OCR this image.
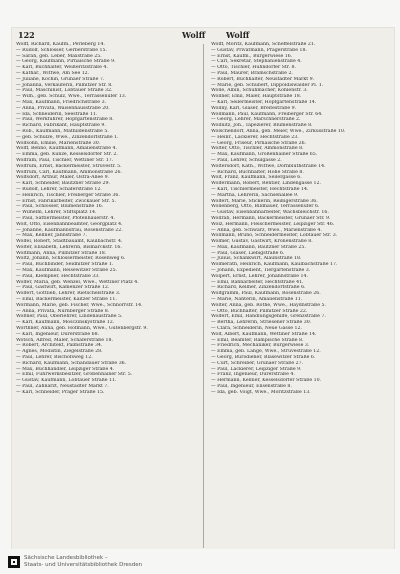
122	Wolff	Wolff
Wolff, Richard, Kaufm., Perleberg 14.
— Rudolf, Schlosser, Gerberstraße 15.
— Sarah, geb. Leber, Maxstraße 25.
— Georg, Kaufmann, Pirnaische Straße 9.
— Karl, Buchhalter, Weißeritzstraße 4.
— Kathar., Wittwe, Am See 12.
— Juliane, Köchin, Grunaer Straße 7.
— Johanna, Verkäuferin, Pillnitzer Str. 8.
— Paul, Maschinist, Löbtauer Straße 32.
— Wilh., geb. Schulz, Wwe., Terrassenufer 13.
— Max, Kaufmann, Friedrichstraße 3.
— Anna, Privata, Waisenhausstraße 20.
— Ida, Schneiderin, Seestraße 11.
— Paul, Werkführer, Hopfgartenstraße 8.
— Richard, Fabrikant, Hauptstraße 9.
— Rob., Kaufmann, Mathildenstraße 5.
— geb. Schulze, Wwe., Zinzendorfstraße 1.
Wolfsohn, Emilie, Marienstraße 30.
Wolff, Benno, Kaufmann, Amalienstraße 4.
— Emma, geb. Kunze, Kesselsdorfer Str. 2.
Wolfram, Paul, Tischler, Wettiner Str. 17.
Wolfrum, Ernst, Bäckermeister, Struvestr. 5.
Wolfrum, Carl, Kaufmann, Ammonstraße 26.
Wolfsdorf, Arthur, Maler, Ostra-Allee 9.
— Karl, Schneider, Bautzner Straße 29.
— Rudolf, Lehrer, Schäferstraße 12.
— Heinrich, Tischler, Freiberger Straße 36.
— Ernst, Fabrikarbeiter, Zwickauer Str. 5.
— Paul, Schlosser, Blumenstraße 16.
— Wilhelm, Lehrer, Stiftsplatz 14.
— Paul, Sattlermeister, Pfotenhauerstr. 4.
Wolt, Otto, Eisenbahnbeamter, Georgplatz 4.
— Johanne, Kaufmannsfrau, Rosenstraße 22.
— Max, Kellner, Jahnstraße 7.
Wölfel, Robert, Stadtbauamt, Kaulbachstr. 4.
Wolter, Elisabeth, Lehrerin, Bismarckstr. 16.
Woltmann, Anna, Pillnitzer Straße 18.
Woltz, Johann, Schlossermeister, Rosenweg 6.
— Paul, Buchbinder, Seidnitzer Straße 1.
— Max, Kaufmann, Reisewitzer Straße 25.
— Paul, Klempner, Hechtstraße 33.
Wölfer, Maria, geb. Wenzel, Wwe., Wettiner Platz 4.
— Paul, Gastwirt, Kamenzer Straße 12.
Wölfert, Gottlieb, Lehrer, Rietschelstraße 3.
— Emil, Bäckermeister, Kaitzer Straße 11.
Wörmann, Marie, geb. Fischer, Wwe., Schnorrstr. 14.
— Anna, Privata, Nürnberger Straße 8.
Wößner, Paul, Oberlehrer, Lindenaustraße 5.
— Karl, Kaufmann, Mosczinskystraße 12.
Wörthner, Anna, geb. Hofmann, Wwe., Gutenbergstr. 9.
— Karl, Ingenieur, Dürerstraße 68.
Wotsch, Alfred, Maler, Schäferstraße 18.
— Robert, Architekt, Palmstraße 34.
— Agnes, Modistin, Ziegelstraße 28.
— Paul, Lehrer, Bischofsweg 12.
— Richard, Kaufmann, Schandauer Straße 36.
— Max, Buchhändler, Leipziger Straße 4.
— Emil, Fuhrwerksbesitzer, Großenhainer Str. 5.
— Gustav, Kaufmann, Löbtauer Straße 11.
— Paul, Zahnarzt, Neustädter Markt 7.
— Karl, Schneider, Prager Straße 15.
Wolff, Moritz, Kaufmann, Scheffelstraße 21.
— Gustav, Privatmann, Pragerstraße 18.
— Ernst, Kaufm., Bürgerwiese 16.
— Carl, Sekretär, Stephanienstraße 4.
— Otto, Tischler, Hühndorfer Str. 8.
— Paul, Maurer, Bramschstraße 2.
— Robert, Buchhalter, Neustädter Markt 9.
— Marie, geb. Schubert, Dippoldiswalder Pl. 1.
Wolle, Albin, Schuhmacher, Kohlenstr. 3.
Wollner, Emil, Maler, Hauptstraße 18.
— Karl, Seilermeister, Hopfgartenstraße 14.
Wollny, Karl, Glaser, Breitestraße 9.
Wollmann, Paul, Kaufmann, Freiberger Str. 64.
— Georg, Lehrer, Marschnerstraße 2.
Wollnitz, Joh., Tapezierer, Blumenstraße 8.
Wolschendorf, Anna, geb. Meier, Wwe., Zirkusstraße 10.
— Heinr., Lackierer, Hechtstraße 23.
— Georg, Friseur, Pirnaische Straße 26.
Wolter, Otto, Tischler, Ammonstraße 8.
— Max, Kaufmann, Großenhainer Straße 65.
— Paul, Lehrer, Schulgasse 2.
Woltersdorf, Kath., Wittwe, Dornblüthstraße 14.
— Richard, Buchhalter, Hohe Straße 8.
Wolf, Franz, Kaufmann, Seilergasse 6.
Wolfermann, Robert, Rentier, Lindengasse 12.
— Karl, Tischlermeister, Hechtstraße 14.
— Martha, Lehrerin, Sachsenallee 9.
Wölfert, Marie, Stickerin, Reißigerstraße 36.
Wollenberg, Otto, Bildhauer, Terrassenufer 6.
— Gustav, Eisenbahnarbeiter, Wachsbleichstr. 16.
Wollrab, Hermann, Bäckermeister, Grunaer Str. 9.
Wolz, Hermann, Fleischermeister, Leipziger Str. 46.
— Anna, geb. Schwarz, Wwe., Marienstraße 4.
Wollmann, Bruno, Schneidermeister, Löbtauer Str. 3.
Wolmer, Gustav, Gastwirt, Kronenstraße 8.
— Max, Kaufmann, Bautzner Straße 25.
— Paul, Glaser, Liebigstraße 6.
— Julius, Schankwirt, Alaunstraße 18.
Wolmerath, Heinrich, Kaufmann, Kaulbachstraße 17.
— Johann, Expedient, Tiergartenstraße 3.
Wolpert, Ernst, Lehrer, Johannstraße 14.
— Emil, Bahnarbeiter, Hechtstraße 41.
— Richard, Kellner, Zinzendorfstraße 6.
Wolfgramm, Paul, Kaufmann, Rosenstraße 26.
— Marie, Nähterin, Amalienstraße 11.
Wolter, Anna, geb. Rothe, Wwe., Haydnstraße 5.
— Otto, Buchhalter, Pillnitzer Straße 22.
Wolfert, Emil, Handlungsgehilfe, Grenzstraße 7.
— Bertha, Lehrerin, Striesener Straße 30.
— Clara, Schneiderin, Neue Gasse 12.
Wolf, Albert, Kaufmann, Wettiner Straße 14.
— Emil, Beamter, Rampische Straße 8.
— Friedrich, Mechaniker, Bürgerwiese 3.
— Emma, geb. Lange, Wwe., Struvestraße 12.
— Georg, Bürodiener, Blasewitzer Straße 6.
— Curt, Schreiber, Grunaer Straße 27.
— Paul, Lackierer, Leipziger Straße 9.
— Franz, Ingenieur, Dürerstraße 4.
— Hermann, Kellner, Kesselsdorfer Straße 10.
— Paul, Ingenieur, Elisenstraße 8.
— Ida, geb. Voigt, Wwe., Moritzstraße 13.
Sächsische Landesbibliothek –
Staats- und Universitätsbibliothek Dresden
